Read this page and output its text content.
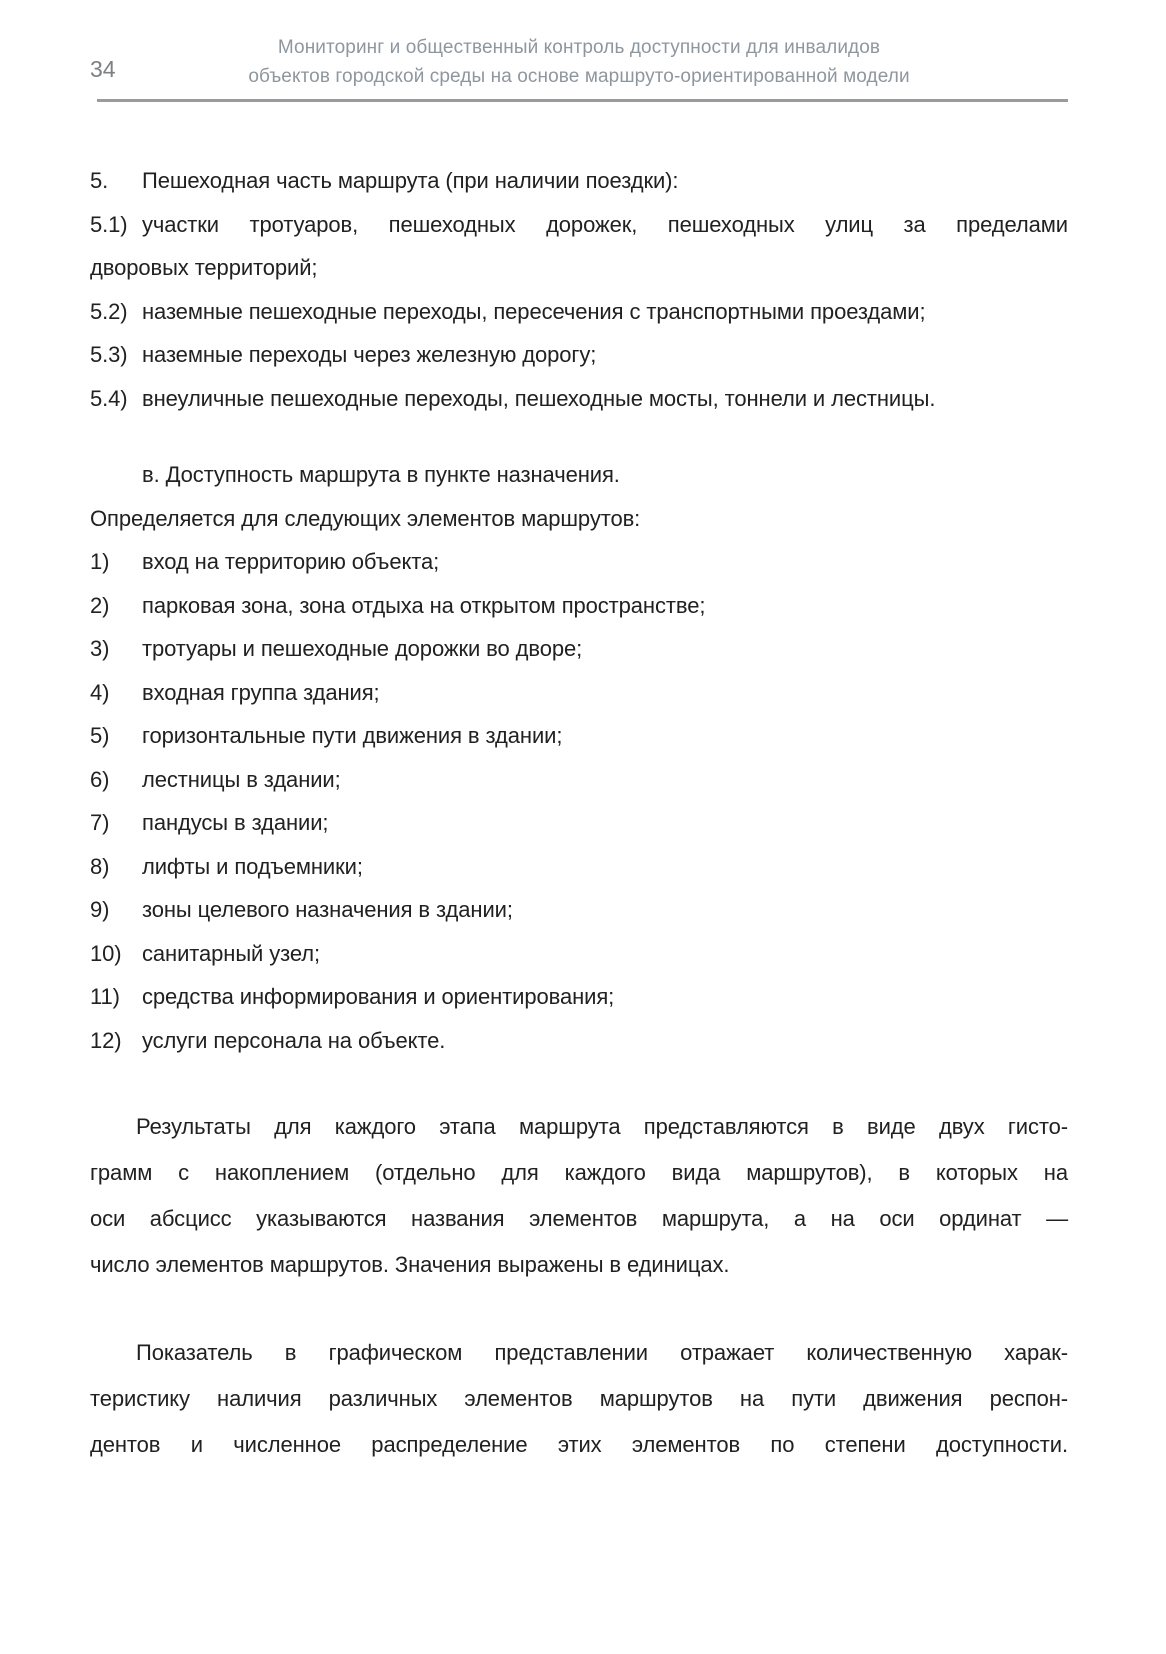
34
Мониторинг и общественный контроль доступности для инвалидов
объектов городской среды на основе маршруто-ориентированной модели
5. Пешеходная часть маршрута (при наличии поездки):
5.1) участки тротуаров, пешеходных дорожек, пешеходных улиц за пределами
дворовых территорий;
5.2) наземные пешеходные переходы, пересечения с транспортными проездами;
5.3) наземные переходы через железную дорогу;
5.4) внеуличные пешеходные переходы, пешеходные мосты, тоннели и лестницы.
в. Доступность маршрута в пункте назначения.
Определяется для следующих элементов маршрутов:
1) вход на территорию объекта;
2) парковая зона, зона отдыха на открытом пространстве;
3) тротуары и пешеходные дорожки во дворе;
4) входная группа здания;
5) горизонтальные пути движения в здании;
6) лестницы в здании;
7) пандусы в здании;
8) лифты и подъемники;
9) зоны целевого назначения в здании;
10) санитарный узел;
11) средства информирования и ориентирования;
12) услуги персонала на объекте.
Результаты для каждого этапа маршрута представляются в виде двух гисто-
грамм с накоплением (отдельно для каждого вида маршрутов), в которых на
оси абсцисс указываются названия элементов маршрута, а на оси ординат —
число элементов маршрутов. Значения выражены в единицах.
Показатель в графическом представлении отражает количественную харак-
теристику наличия различных элементов маршрутов на пути движения респон-
дентов и численное распределение этих элементов по степени доступности.
